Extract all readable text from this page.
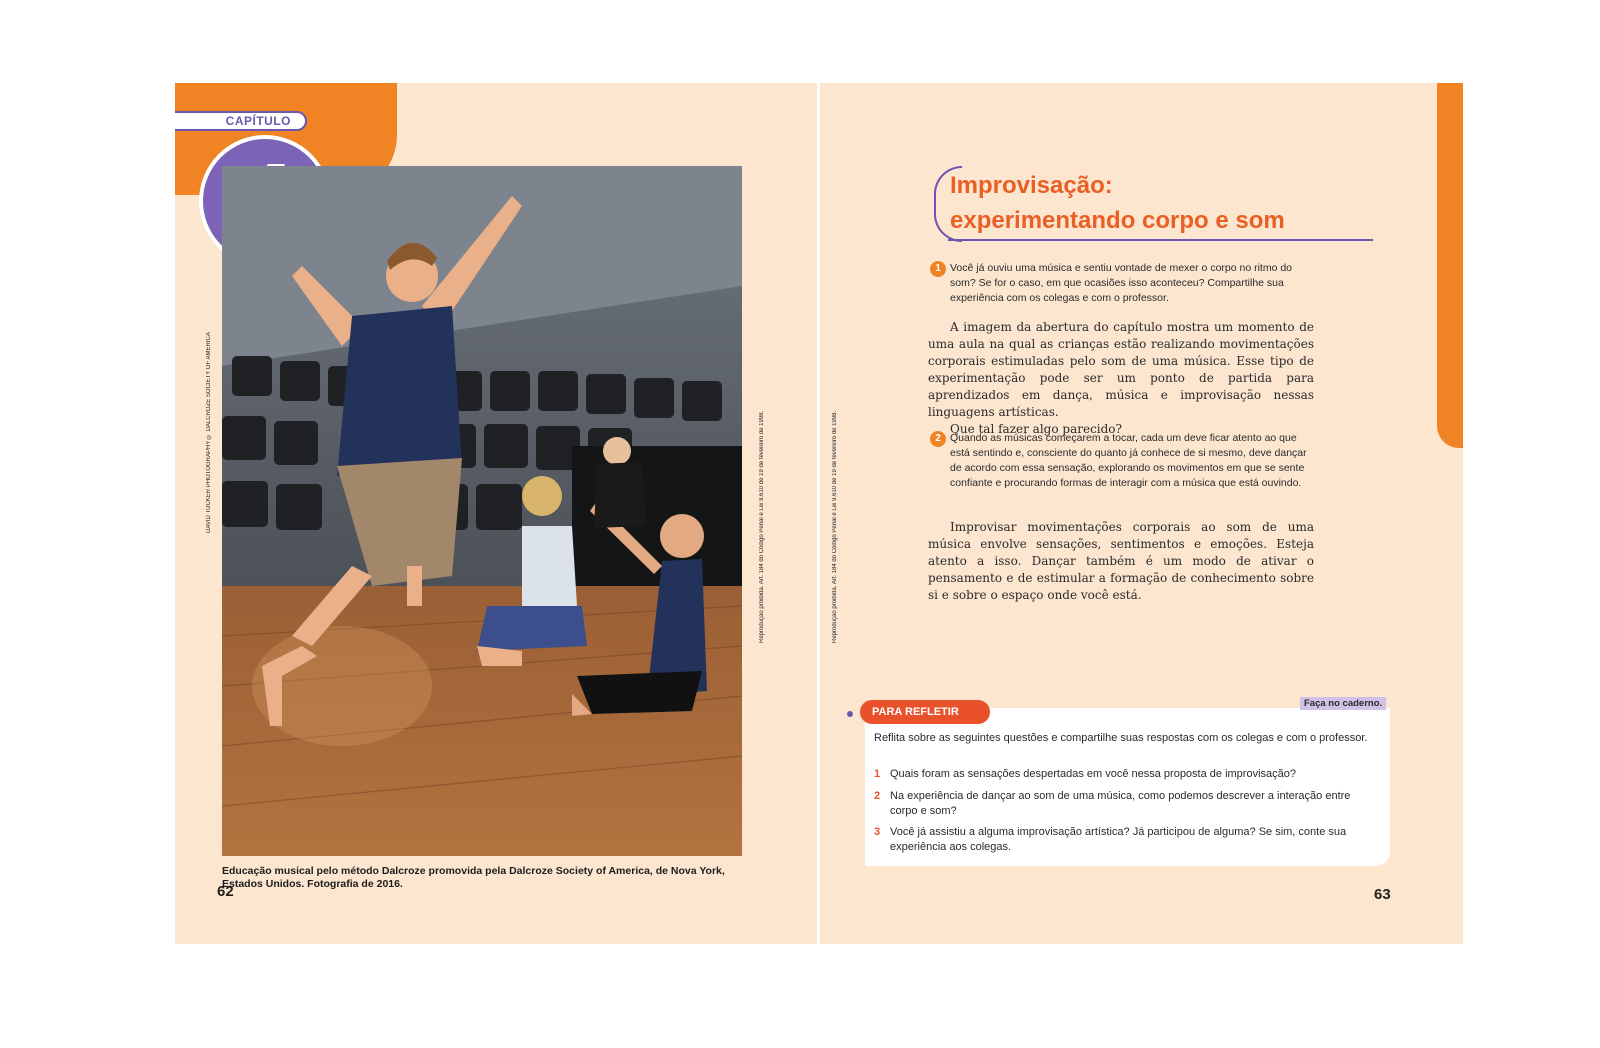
CAPÍTULO
DAVID TUCKER PHOTOGRAPHY © DALCROZE SOCIETY OF AMERICA	Reprodução proibida. Art. 184 do Código Penal e Lei 9.610 de 19 de fevereiro de 1998.
Educação musical pelo método Dalcroze promovida pela Dalcroze Society of America, de Nova York, Estados Unidos. Fotografia de 2016.
62
Reprodução proibida. Art. 184 do Código Penal e Lei 9.610 de 19 de fevereiro de 1998.
Improvisação:
experimentando corpo e som
1 Você já ouviu uma música e sentiu vontade de mexer o corpo no ritmo do som? Se for o caso, em que ocasiões isso aconteceu? Compartilhe sua experiência com os colegas e com o professor.

A imagem da abertura do capítulo mostra um momento de uma aula na qual as crianças estão realizando movimentações corporais estimuladas pelo som de uma música. Esse tipo de experimentação pode ser um ponto de partida para aprendizados em dança, música e improvisação nessas linguagens artísticas.

Que tal fazer algo parecido?

2 Quando as músicas começarem a tocar, cada um deve ficar atento ao que está sentindo e, consciente do quanto já conhece de si mesmo, deve dançar de acordo com essa sensação, explorando os movimentos em que se sente confiante e procurando formas de interagir com a música que está ouvindo.

Improvisar movimentações corporais ao som de uma música envolve sensações, sentimentos e emoções. Esteja atento a isso. Dançar também é um modo de ativar o pensamento e de estimular a formação de conhecimento sobre si e sobre o espaço onde você está.

PARA REFLETIR
Faça no caderno.
Reflita sobre as seguintes questões e compartilhe suas respostas com os colegas e com o professor.
1 Quais foram as sensações despertadas em você nessa proposta de improvisação?
2 Na experiência de dançar ao som de uma música, como podemos descrever a interação entre corpo e som?
3 Você já assistiu a alguma improvisação artística? Já participou de alguma? Se sim, conte sua experiência aos colegas.
63
